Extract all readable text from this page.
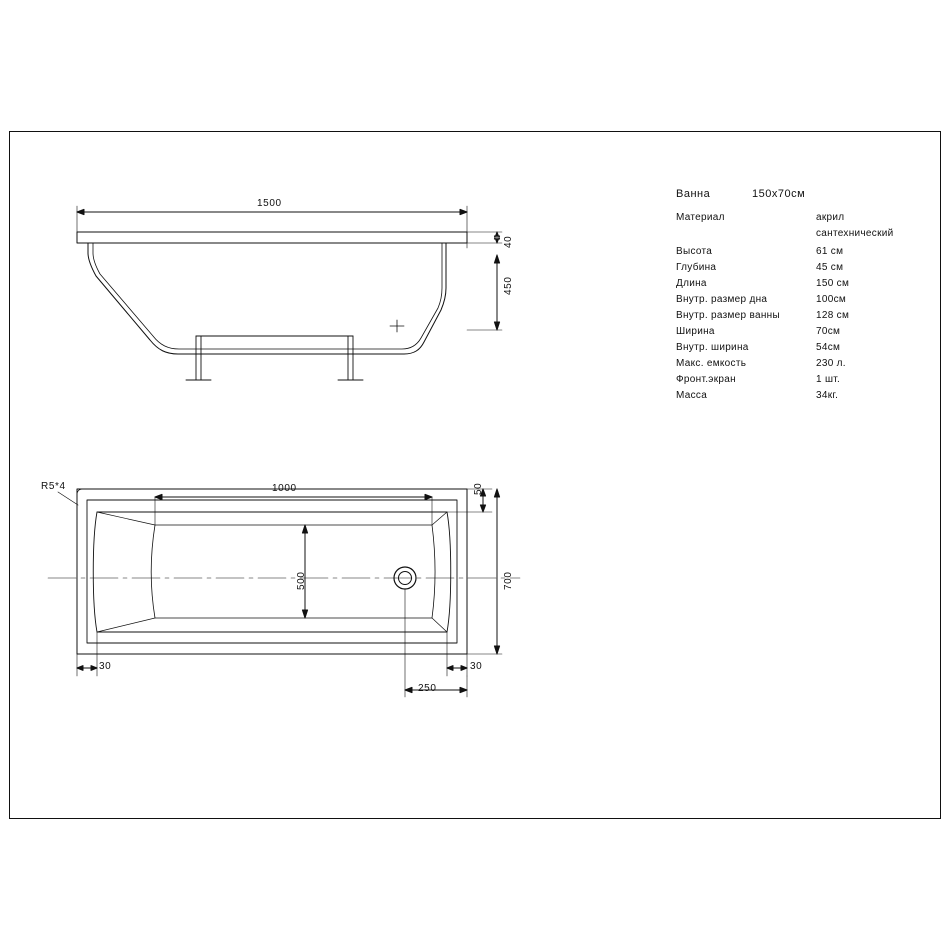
1500
40
450
1000	50
500	700
30	30
250
R5*4
Ванна	150x70см
Материал	акрил сантехнический
Высота	61 см
Глубина	45 см
Длина	150 см
Внутр. размер дна	100см
Внутр. размер ванны	128 см
Ширина	70см
Внутр. ширина	54см
Макс. емкость	230 л.
Фронт.экран	1 шт.
Масса	34кг.
